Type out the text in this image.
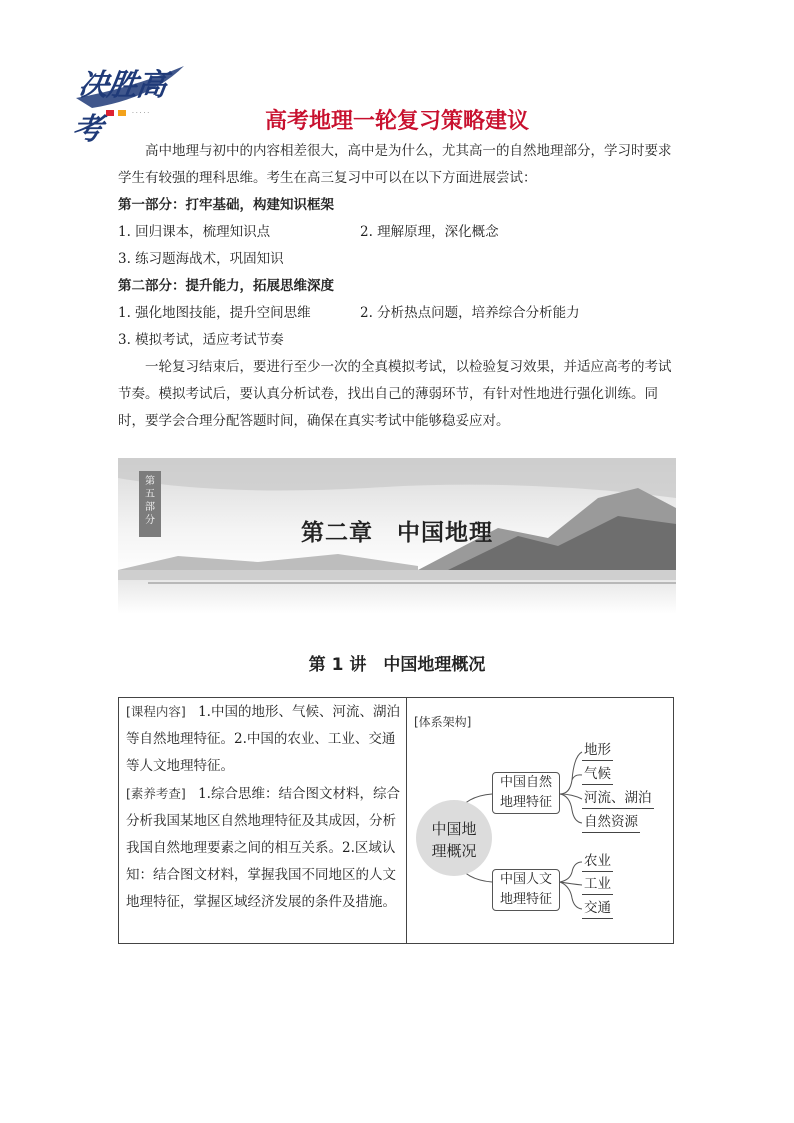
· · · · ·
决胜高考	高考地理一轮复习策略建议

高中地理与初中的内容相差很大，高中是为什么，尤其高一的自然地理部分，学习时要求学生有较强的理科思维。考生在高三复习中可以在以下方面进展尝试：

第一部分：打牢基础，构建知识框架

1. 回归课本，梳理知识点	2. 理解原理，深化概念

3. 练习题海战术，巩固知识

第二部分：提升能力，拓展思维深度

1. 强化地图技能，提升空间思维	2. 分析热点问题，培养综合分析能力

3. 模拟考试，适应考试节奏

一轮复习结束后，要进行至少一次的全真模拟考试，以检验复习效果，并适应高考的考试节奏。模拟考试后，要认真分析试卷，找出自己的薄弱环节，有针对性地进行强化训练。同时，要学会合理分配答题时间，确保在真实考试中能够稳妥应对。

第
五
部
分	第二章　中国地理
第 1 讲　中国地理概况
[课程内容] 1.中国的地形、气候、河流、湖泊等自然地理特征。2.中国的农业、工业、交通等人文地理特征。
[素养考查] 1.综合思维：结合图文材料，综合分析我国某地区自然地理特征及其成因，分析我国自然地理要素之间的相互关系。2.区域认知：结合图文材料，掌握我国不同地区的人文地理特征，掌握区域经济发展的条件及措施。

[体系架构]

中国地
理概况

中国自然
地理特征
中国人文
地理特征
地形
气候
河流、湖泊
自然资源
农业
工业
交通
